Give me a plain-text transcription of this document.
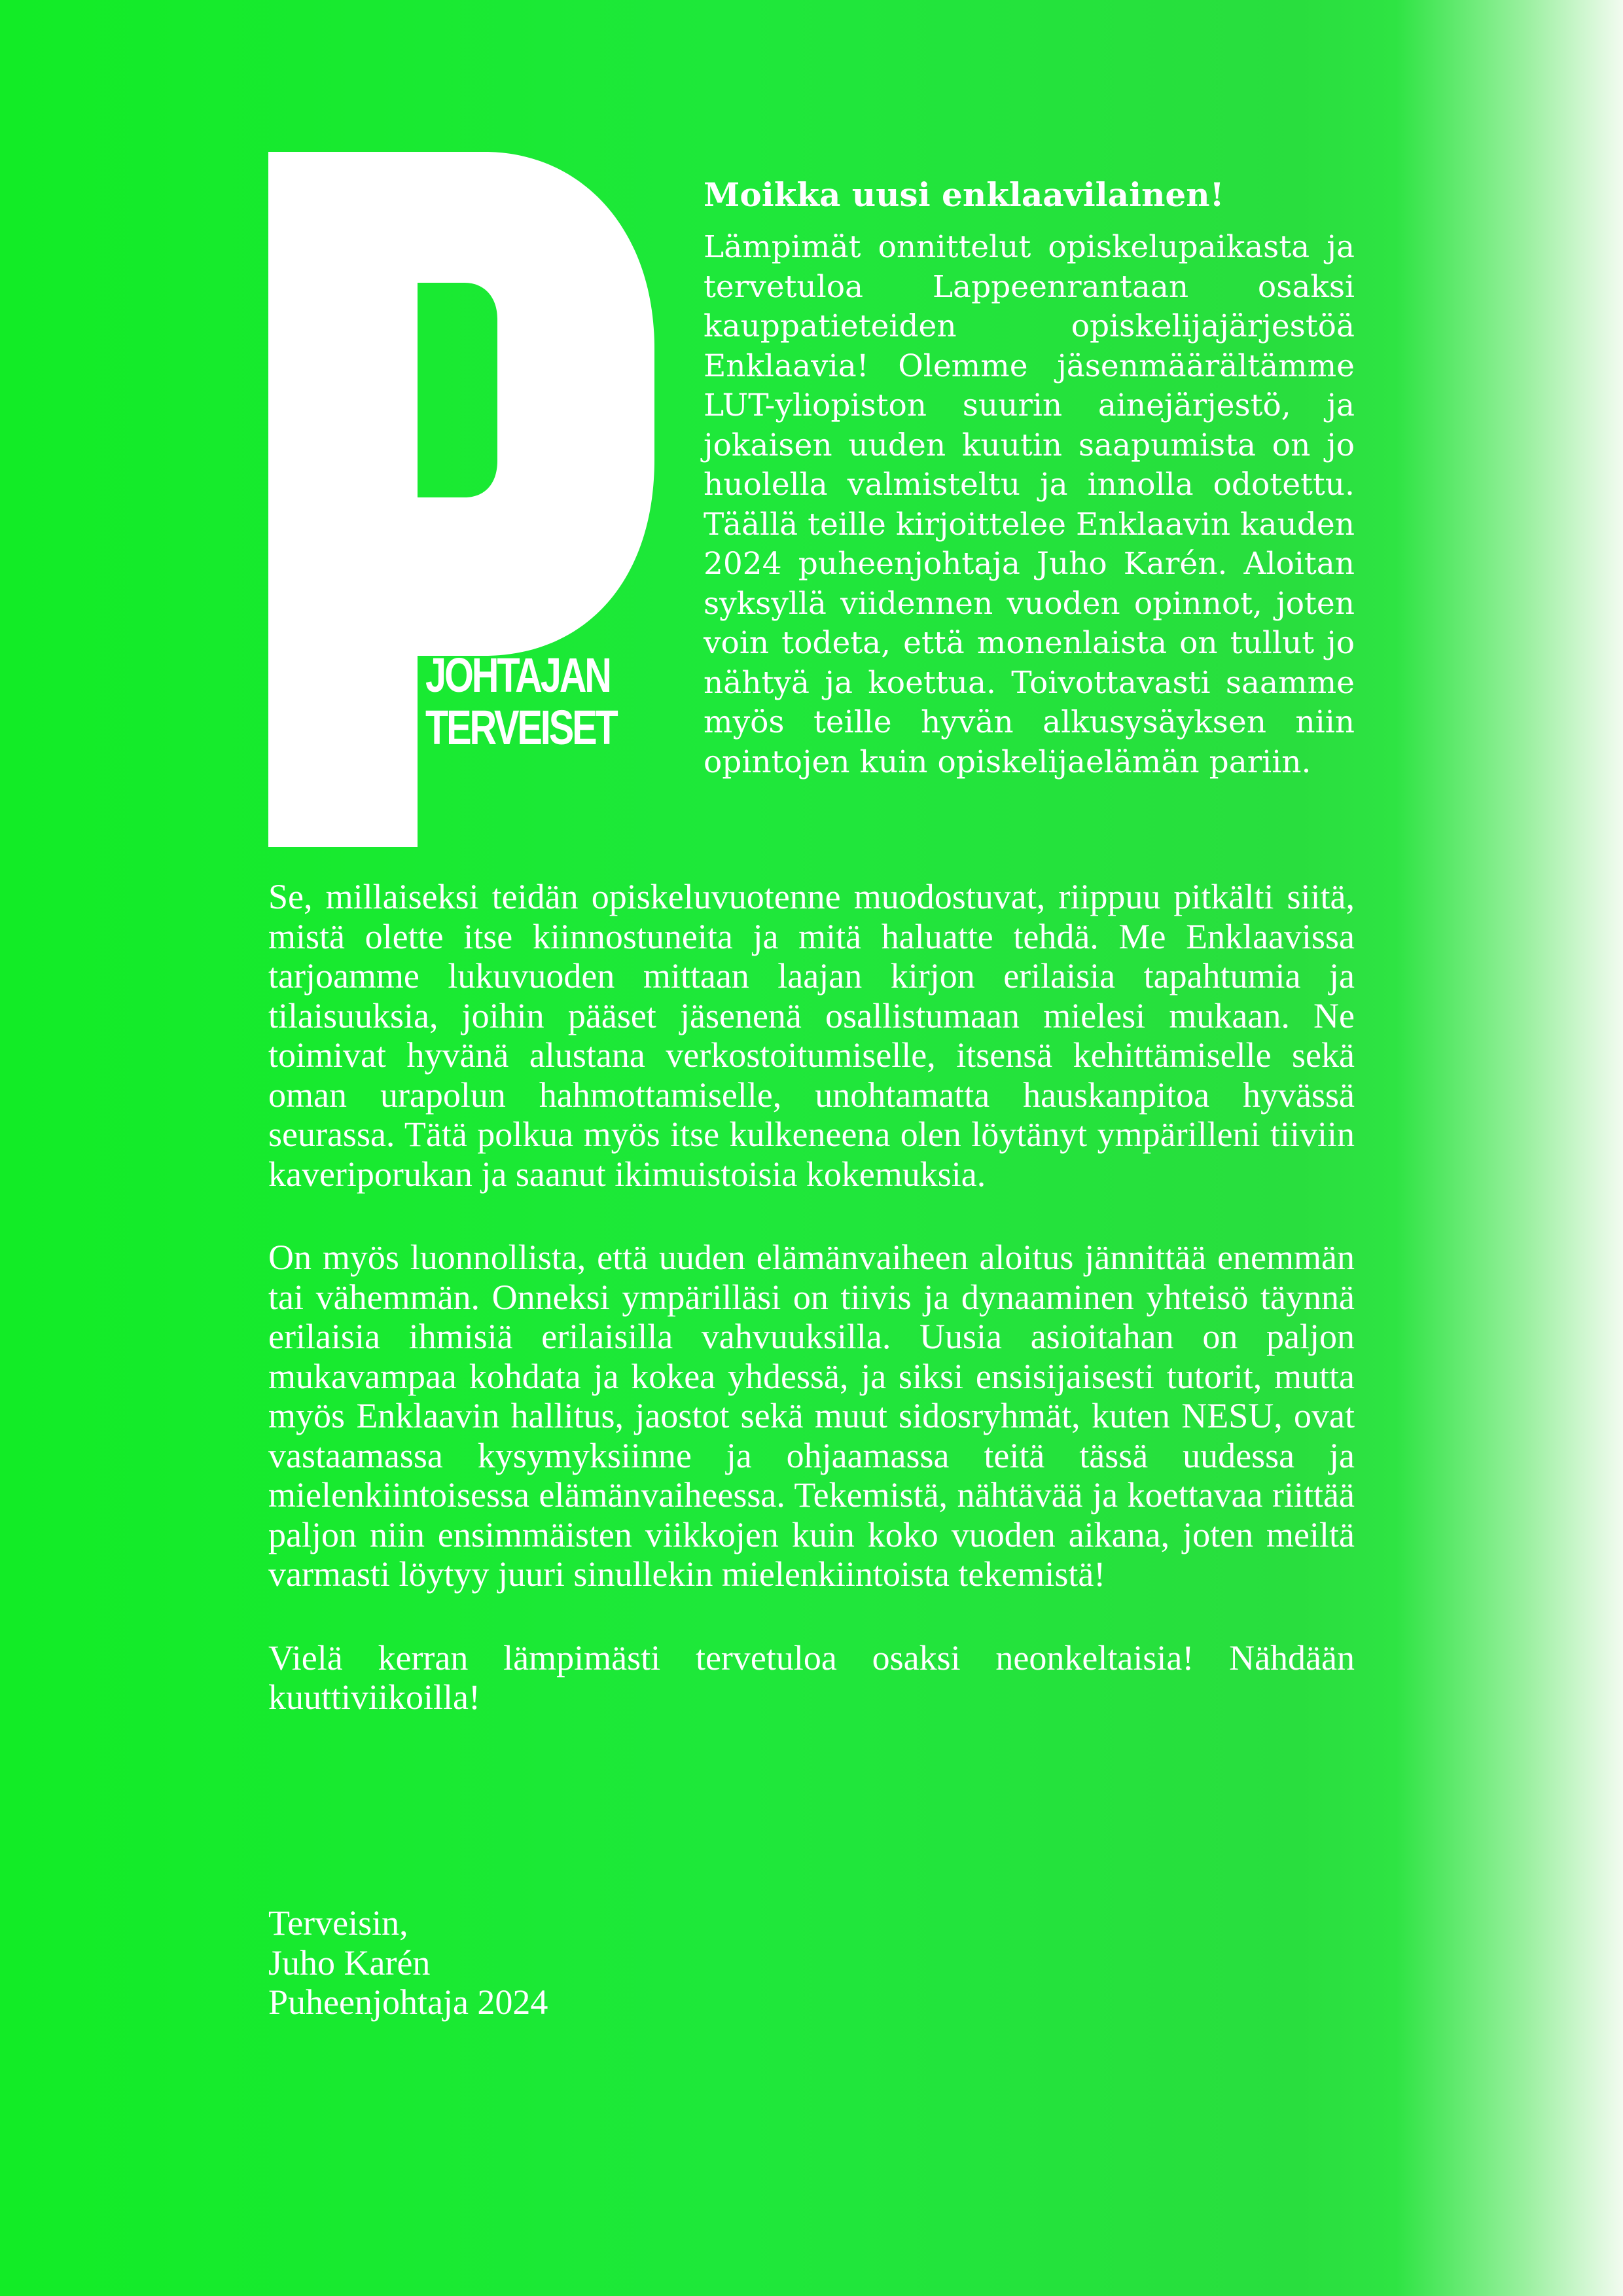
UHEEN-
JOHTAJAN
TERVEISET
Moikka uusi enklaavilainen!

Lämpimät onnittelut opiskelupaikasta ja tervetuloa Lappeenrantaan osaksi kauppatieteiden opiskelijajärjestöä Enklaavia! Olemme jäsenmäärältämme LUT-yliopiston suurin ainejärjestö, ja jokaisen uuden kuutin saapumista on jo huolella valmisteltu ja innolla odotettu. Täällä teille kirjoittelee Enklaavin kauden 2024 puheenjohtaja Juho Karén. Aloitan syksyllä viidennen vuoden opinnot, joten voin todeta, että monenlaista on tullut jo nähtyä ja koettua. Toivottavasti saamme myös teille hyvän alkusysäyksen niin opintojen kuin opiskelijaelämän pariin.

Se, millaiseksi teidän opiskeluvuotenne muodostuvat, riippuu pitkälti siitä, mistä olette itse kiinnostuneita ja mitä haluatte tehdä. Me Enklaavissa tarjoamme lukuvuoden mittaan laajan kirjon erilaisia tapahtumia ja tilaisuuksia, joihin pääset jäsenenä osallistumaan mielesi mukaan. Ne toimivat hyvänä alustana verkostoitumiselle, itsensä kehittämiselle sekä oman urapolun hahmottamiselle, unohtamatta hauskanpitoa hyvässä seurassa. Tätä polkua myös itse kulkeneena olen löytänyt ympärilleni tiiviin kaveriporukan ja saanut ikimuistoisia kokemuksia.

On myös luonnollista, että uuden elämänvaiheen aloitus jännittää enemmän tai vähemmän. Onneksi ympärilläsi on tiivis ja dynaaminen yhteisö täynnä erilaisia ihmisiä erilaisilla vahvuuksilla. Uusia asioitahan on paljon mukavampaa kohdata ja kokea yhdessä, ja siksi ensisijaisesti tutorit, mutta myös Enklaavin hallitus, jaostot sekä muut sidosryhmät, kuten NESU, ovat vastaamassa kysymyksiinne ja ohjaamassa teitä tässä uudessa ja mielenkiintoisessa elämänvaiheessa. Tekemistä, nähtävää ja koettavaa riittää paljon niin ensimmäisten viikkojen kuin koko vuoden aikana, joten meiltä varmasti löytyy juuri sinullekin mielenkiintoista tekemistä!

Vielä kerran lämpimästi tervetuloa osaksi neonkeltaisia! Nähdään kuuttiviikoilla!

Terveisin,
Juho Karén
Puheenjohtaja 2024
